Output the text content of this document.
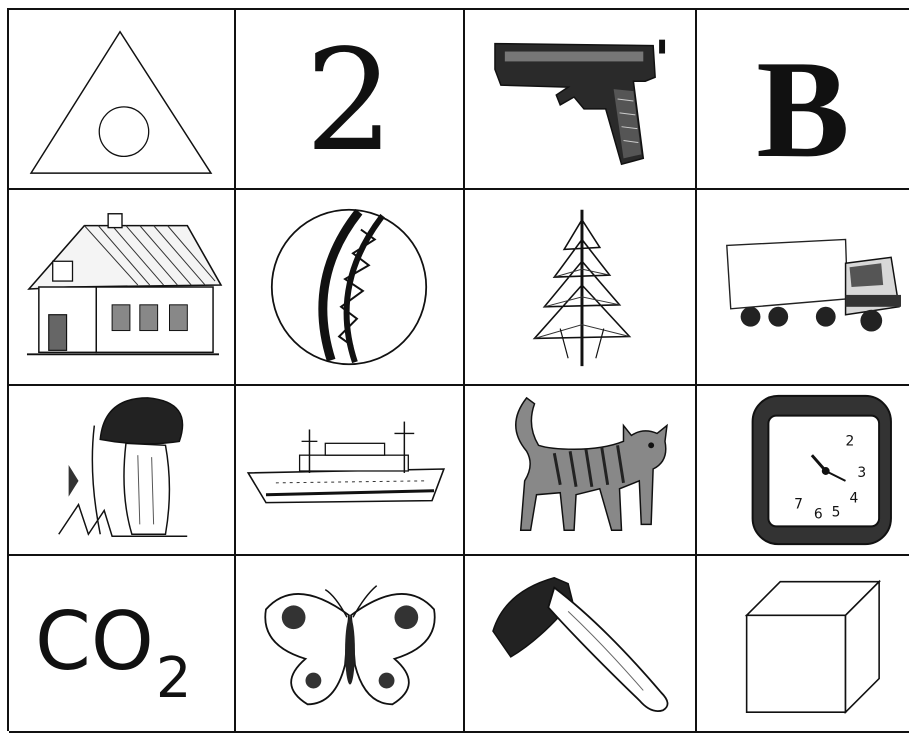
2	В
2
3
4
5
6
7
$CO_2$
